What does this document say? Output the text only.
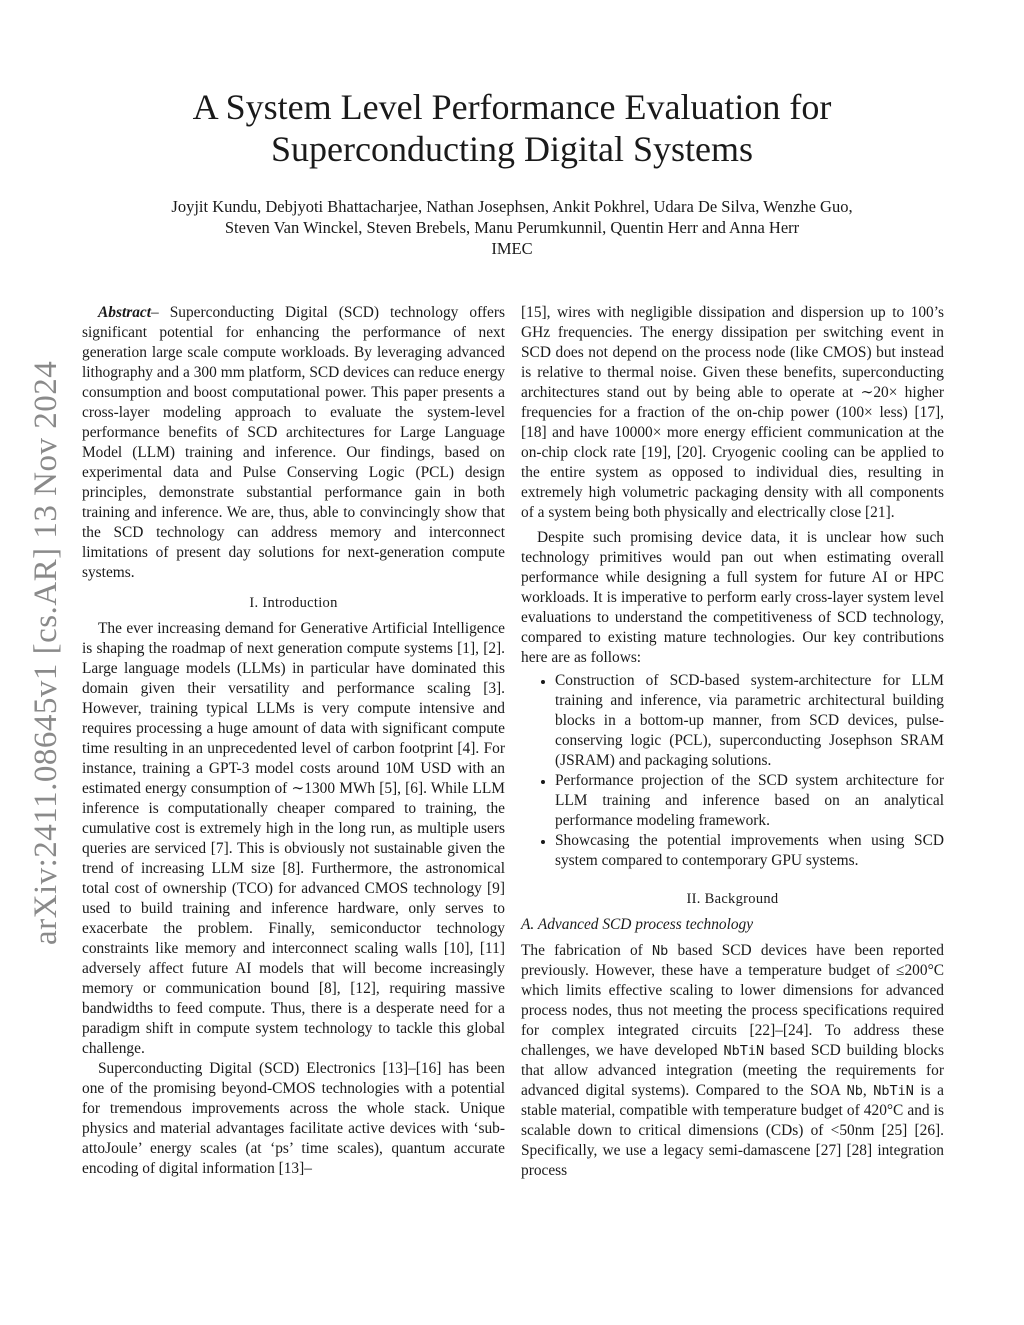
arXiv:2411.08645v1 [cs.AR] 13 Nov 2024
A System Level Performance Evaluation for
Superconducting Digital Systems
Joyjit Kundu, Debjyoti Bhattacharjee, Nathan Josephsen, Ankit Pokhrel, Udara De Silva, Wenzhe Guo,
Steven Van Winckel, Steven Brebels, Manu Perumkunnil, Quentin Herr and Anna Herr
IMEC

Abstract– Superconducting Digital (SCD) technology offers significant potential for enhancing the performance of next generation large scale compute workloads. By leveraging advanced lithography and a 300 mm platform, SCD devices can reduce energy consumption and boost computational power. This paper presents a cross-layer modeling approach to evaluate the system-level performance benefits of SCD architectures for Large Language Model (LLM) training and inference. Our findings, based on experimental data and Pulse Conserving Logic (PCL) design principles, demonstrate substantial performance gain in both training and inference. We are, thus, able to convincingly show that the SCD technology can address memory and interconnect limitations of present day solutions for next-generation compute systems.

I. Introduction

The ever increasing demand for Generative Artificial Intelligence is shaping the roadmap of next generation compute systems [1], [2]. Large language models (LLMs) in particular have dominated this domain given their versatility and performance scaling [3]. However, training typical LLMs is very compute intensive and requires processing a huge amount of data with significant compute time resulting in an unprecedented level of carbon footprint [4]. For instance, training a GPT-3 model costs around 10M USD with an estimated energy consumption of ∼1300 MWh [5], [6]. While LLM inference is computationally cheaper compared to training, the cumulative cost is extremely high in the long run, as multiple users queries are serviced [7]. This is obviously not sustainable given the trend of increasing LLM size [8]. Furthermore, the astronomical total cost of ownership (TCO) for advanced CMOS technology [9] used to build training and inference hardware, only serves to exacerbate the problem. Finally, semiconductor technology constraints like memory and interconnect scaling walls [10], [11] adversely affect future AI models that will become increasingly memory or communication bound [8], [12], requiring massive bandwidths to feed compute. Thus, there is a desperate need for a paradigm shift in compute system technology to tackle this global challenge.

Superconducting Digital (SCD) Electronics [13]–[16] has been one of the promising beyond-CMOS technologies with a potential for tremendous improvements across the whole stack. Unique physics and material advantages facilitate active devices with ‘sub-attoJoule’ energy scales (at ‘ps’ time scales), quantum accurate encoding of digital information [13]–

[15], wires with negligible dissipation and dispersion up to 100’s GHz frequencies. The energy dissipation per switching event in SCD does not depend on the process node (like CMOS) but instead is relative to thermal noise. Given these benefits, superconducting architectures stand out by being able to operate at ∼20× higher frequencies for a fraction of the on-chip power (100× less) [17], [18] and have 10000× more energy efficient communication at the on-chip clock rate [19], [20]. Cryogenic cooling can be applied to the entire system as opposed to individual dies, resulting in extremely high volumetric packaging density with all components of a system being both physically and electrically close [21].

Despite such promising device data, it is unclear how such technology primitives would pan out when estimating overall performance while designing a full system for future AI or HPC workloads. It is imperative to perform early cross-layer system level evaluations to understand the competitiveness of SCD technology, compared to existing mature technologies. Our key contributions here are as follows:

• Construction of SCD-based system-architecture for LLM training and inference, via parametric architectural building blocks in a bottom-up manner, from SCD devices, pulse-conserving logic (PCL), superconducting Josephson SRAM (JSRAM) and packaging solutions.
• Performance projection of the SCD system architecture for LLM training and inference based on an analytical performance modeling framework.
• Showcasing the potential improvements when using SCD system compared to contemporary GPU systems.
II. Background
A. Advanced SCD process technology

The fabrication of Nb based SCD devices have been reported previously. However, these have a temperature budget of ≤200°C which limits effective scaling to lower dimensions for advanced process nodes, thus not meeting the process specifications required for complex integrated circuits [22]–[24]. To address these challenges, we have developed NbTiN based SCD building blocks that allow advanced integration (meeting the requirements for advanced digital systems). Compared to the SOA Nb, NbTiN is a stable material, compatible with temperature budget of 420°C and is scalable down to critical dimensions (CDs) of <50nm [25] [26]. Specifically, we use a legacy semi-damascene [27] [28] integration process
